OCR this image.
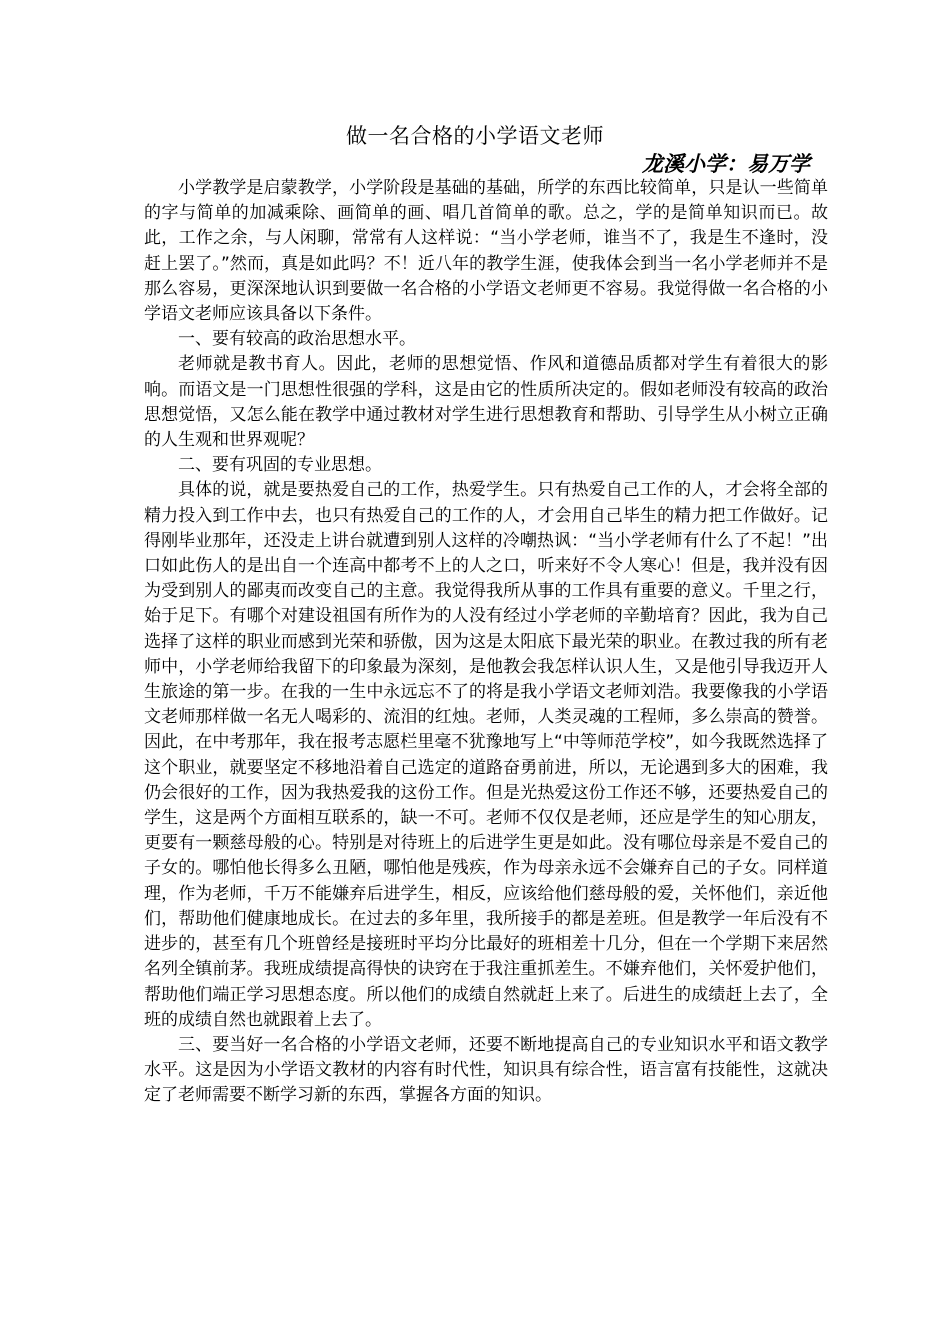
做一名合格的小学语文老师
龙溪小学：易万学

小学教学是启蒙教学，小学阶段是基础的基础，所学的东西比较简单，只是认一些简单的字与简单的加减乘除、画简单的画、唱几首简单的歌。总之，学的是简单知识而已。故此，工作之余，与人闲聊，常常有人这样说：“当小学老师，谁当不了，我是生不逢时，没赶上罢了。”然而，真是如此吗？不！近八年的教学生涯，使我体会到当一名小学老师并不是那么容易，更深深地认识到要做一名合格的小学语文老师更不容易。我觉得做一名合格的小学语文老师应该具备以下条件。

一、要有较高的政治思想水平。

老师就是教书育人。因此，老师的思想觉悟、作风和道德品质都对学生有着很大的影响。而语文是一门思想性很强的学科，这是由它的性质所决定的。假如老师没有较高的政治思想觉悟，又怎么能在教学中通过教材对学生进行思想教育和帮助、引导学生从小树立正确的人生观和世界观呢？

二、要有巩固的专业思想。

具体的说，就是要热爱自己的工作，热爱学生。只有热爱自己工作的人，才会将全部的精力投入到工作中去，也只有热爱自己的工作的人，才会用自己毕生的精力把工作做好。记得刚毕业那年，还没走上讲台就遭到别人这样的冷嘲热讽：“当小学老师有什么了不起！”出口如此伤人的是出自一个连高中都考不上的人之口，听来好不令人寒心！但是，我并没有因为受到别人的鄙夷而改变自己的主意。我觉得我所从事的工作具有重要的意义。千里之行，始于足下。有哪个对建设祖国有所作为的人没有经过小学老师的辛勤培育？因此，我为自己选择了这样的职业而感到光荣和骄傲，因为这是太阳底下最光荣的职业。在教过我的所有老师中，小学老师给我留下的印象最为深刻，是他教会我怎样认识人生，又是他引导我迈开人生旅途的第一步。在我的一生中永远忘不了的将是我小学语文老师刘浩。我要像我的小学语文老师那样做一名无人喝彩的、流泪的红烛。老师，人类灵魂的工程师，多么崇高的赞誉。因此，在中考那年，我在报考志愿栏里毫不犹豫地写上“中等师范学校”，如今我既然选择了这个职业，就要坚定不移地沿着自己选定的道路奋勇前进，所以，无论遇到多大的困难，我仍会很好的工作，因为我热爱我的这份工作。但是光热爱这份工作还不够，还要热爱自己的学生，这是两个方面相互联系的，缺一不可。老师不仅仅是老师，还应是学生的知心朋友，更要有一颗慈母般的心。特别是对待班上的后进学生更是如此。没有哪位母亲是不爱自己的子女的。哪怕他长得多么丑陋，哪怕他是残疾，作为母亲永远不会嫌弃自己的子女。同样道理，作为老师，千万不能嫌弃后进学生，相反，应该给他们慈母般的爱，关怀他们，亲近他们，帮助他们健康地成长。在过去的多年里，我所接手的都是差班。但是教学一年后没有不进步的，甚至有几个班曾经是接班时平均分比最好的班相差十几分，但在一个学期下来居然名列全镇前茅。我班成绩提高得快的诀窍在于我注重抓差生。不嫌弃他们，关怀爱护他们，帮助他们端正学习思想态度。所以他们的成绩自然就赶上来了。后进生的成绩赶上去了，全班的成绩自然也就跟着上去了。

三、要当好一名合格的小学语文老师，还要不断地提高自己的专业知识水平和语文教学水平。这是因为小学语文教材的内容有时代性，知识具有综合性，语言富有技能性，这就决定了老师需要不断学习新的东西，掌握各方面的知识。
